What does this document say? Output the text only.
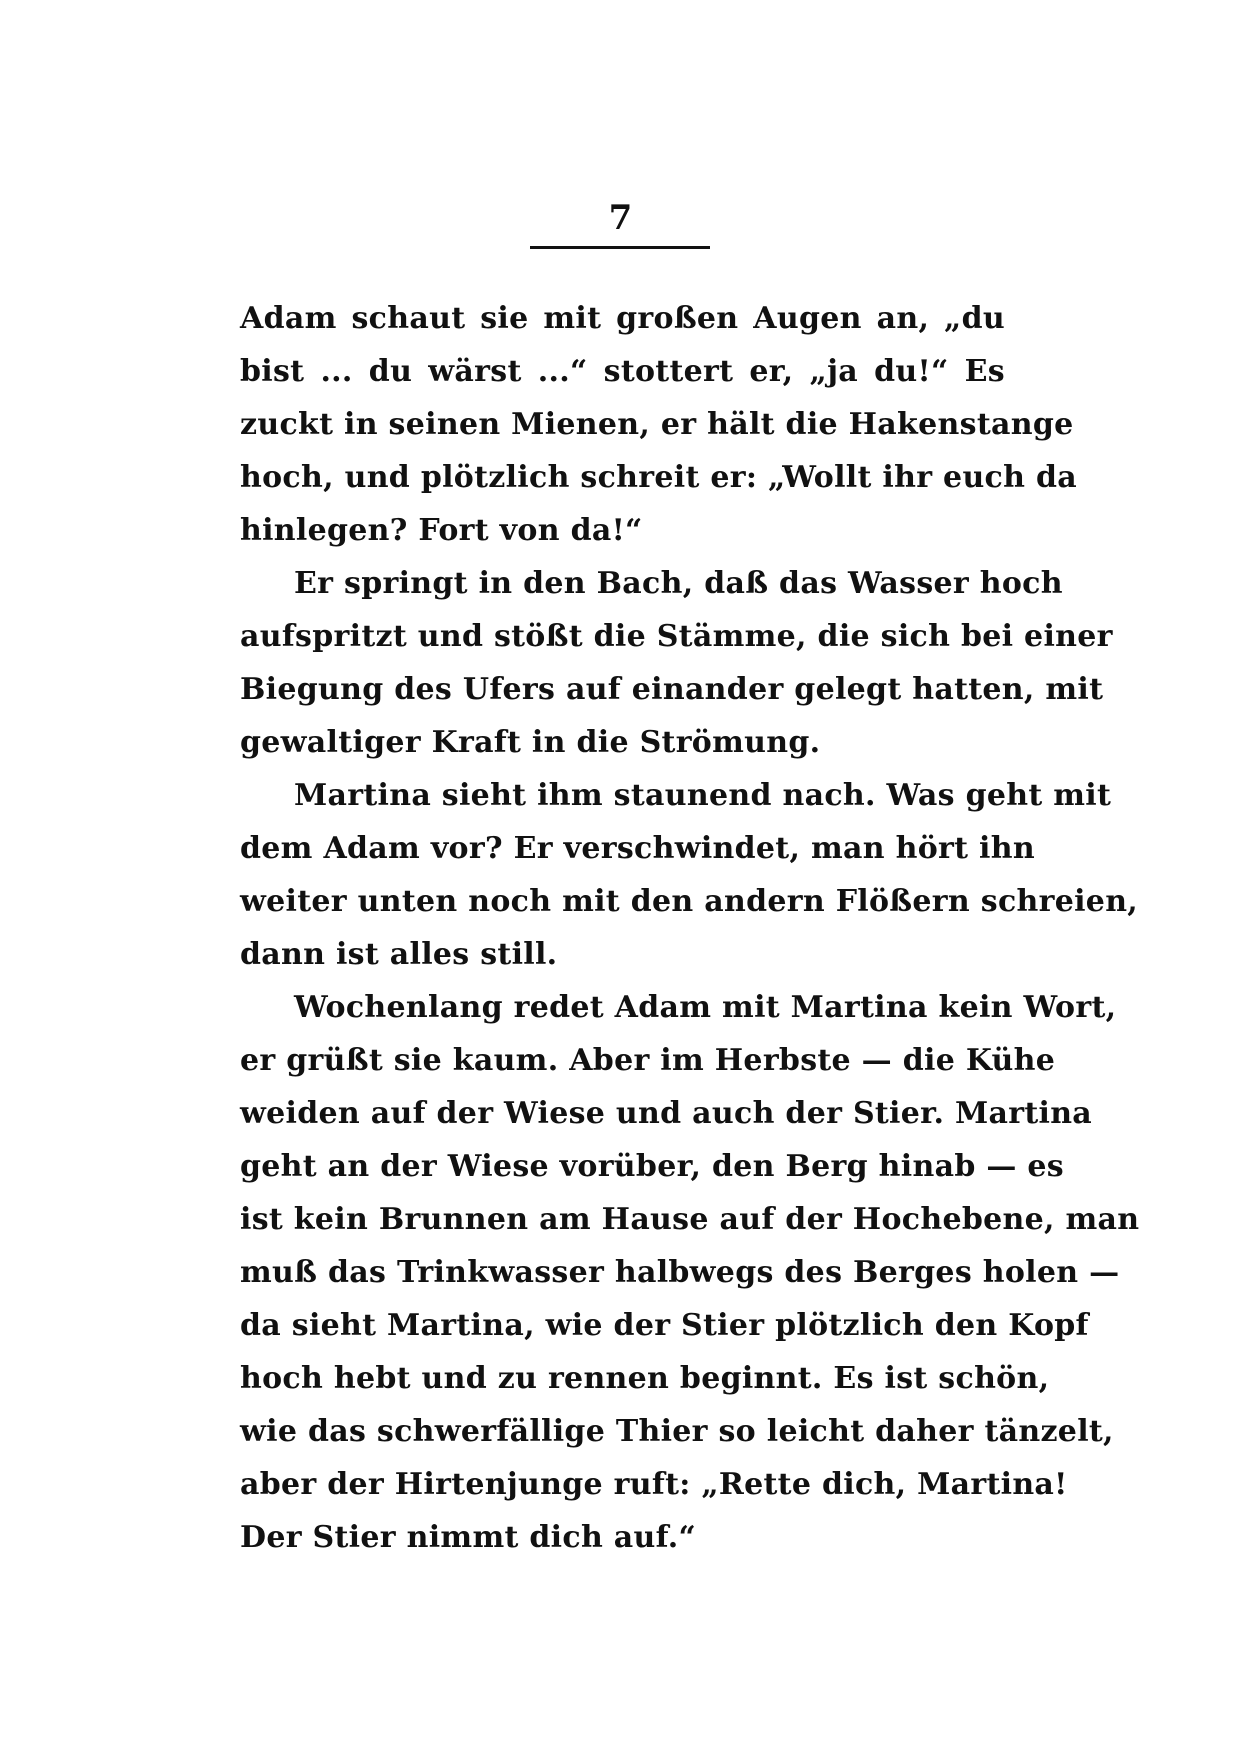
7
Adam schaut sie mit großen Augen an, „du
bist ... du wärst ...“ stottert er, „ja du!“ Es
zuckt in seinen Mienen, er hält die Hakenstange
hoch, und plötzlich schreit er: „Wollt ihr euch da
hinlegen? Fort von da!“
Er springt in den Bach, daß das Wasser hoch
aufspritzt und stößt die Stämme, die sich bei einer
Biegung des Ufers auf einander gelegt hatten, mit
gewaltiger Kraft in die Strömung.
Martina sieht ihm staunend nach. Was geht mit
dem Adam vor? Er verschwindet, man hört ihn
weiter unten noch mit den andern Flößern schreien,
dann ist alles still.
Wochenlang redet Adam mit Martina kein Wort,
er grüßt sie kaum. Aber im Herbste — die Kühe
weiden auf der Wiese und auch der Stier. Martina
geht an der Wiese vorüber, den Berg hinab — es
ist kein Brunnen am Hause auf der Hochebene, man
muß das Trinkwasser halbwegs des Berges holen —
da sieht Martina, wie der Stier plötzlich den Kopf
hoch hebt und zu rennen beginnt. Es ist schön,
wie das schwerfällige Thier so leicht daher tänzelt,
aber der Hirtenjunge ruft: „Rette dich, Martina!
Der Stier nimmt dich auf.“
